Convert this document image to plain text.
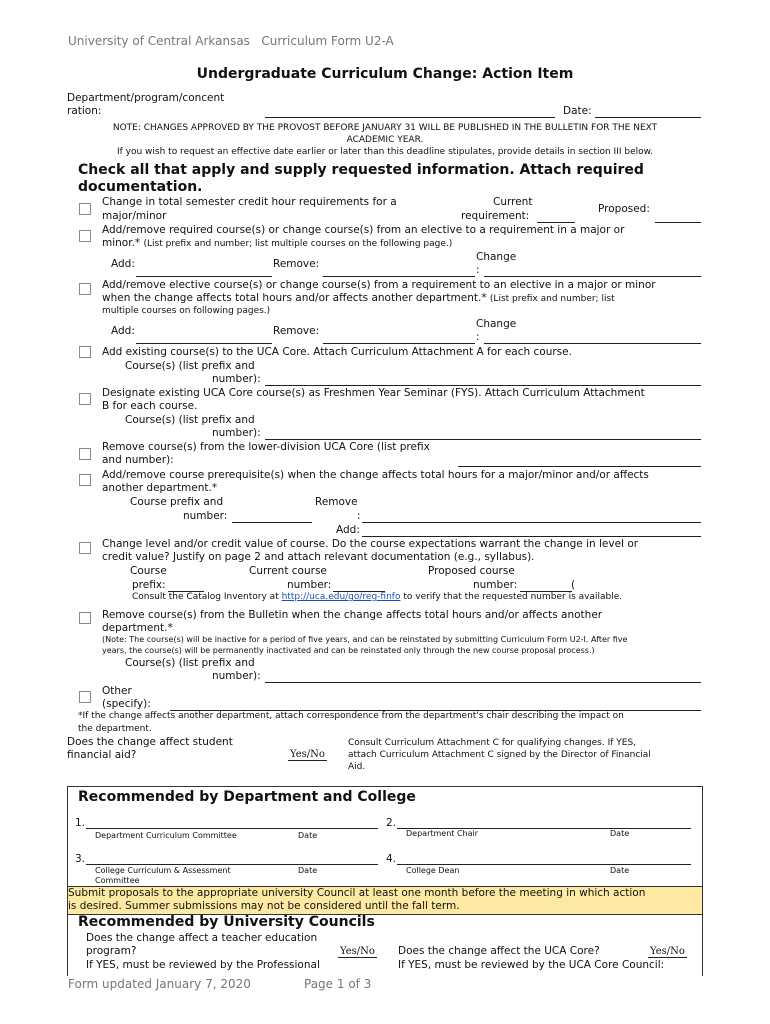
University of Central Arkansas Curriculum Form U2-A
Undergraduate Curriculum Change: Action Item
Department/program/concent
ration:	Date:
NOTE: CHANGES APPROVED BY THE PROVOST BEFORE JANUARY 31 WILL BE PUBLISHED IN THE BULLETIN FOR THE NEXT
ACADEMIC YEAR.
If you wish to request an effective date earlier or later than this deadline stipulates, provide details in section III below.
Check all that apply and supply requested information. Attach required
documentation.
Change in total semester credit hour requirements for a
major/minor
Current
requirement:
Proposed:
Add/remove required course(s) or change course(s) from an elective to a requirement in a major or
minor.* (List prefix and number; list multiple courses on the following page.)
Add:	Remove:
Change
:
Add/remove elective course(s) or change course(s) from a requirement to an elective in a major or minor
when the change affects total hours and/or affects another department.* (List prefix and number; list
multiple courses on following pages.)
Add:	Remove:
Change
:
Add existing course(s) to the UCA Core. Attach Curriculum Attachment A for each course.
Course(s) (list prefix and
number):
Designate existing UCA Core course(s) as Freshmen Year Seminar (FYS). Attach Curriculum Attachment
B for each course.
Course(s) (list prefix and
number):
Remove course(s) from the lower-division UCA Core (list prefix
and number):
Add/remove course prerequisite(s) when the change affects total hours for a major/minor and/or affects
another department.*
Course prefix and
number:
Remove
:
Add:
Change level and/or credit value of course. Do the course expectations warrant the change in level or
credit value? Justify on page 2 and attach relevant documentation (e.g., syllabus).
Course
prefix:
Current course
number:
Proposed course
number:	(
Consult the Catalog Inventory at http://uca.edu/go/reg-finfo to verify that the requested number is available.
Remove course(s) from the Bulletin when the change affects total hours and/or affects another
department.*
(Note: The course(s) will be inactive for a period of five years, and can be reinstated by submitting Curriculum Form U2-I. After five
years, the course(s) will be permanently inactivated and can be reinstated only through the new course proposal process.)
Course(s) (list prefix and
number):
Other
(specify):
*If the change affects another department, attach correspondence from the department's chair describing the impact on
the department.
Does the change affect student
financial aid?	Yes/No
Consult Curriculum Attachment C for qualifying changes. If YES,
attach Curriculum Attachment C signed by the Director of Financial
Aid.
Recommended by Department and College
1.
Department Curriculum Committee	Date
2.
Department Chair	Date
3.
College Curriculum & Assessment
Committee
Date
4.
College Dean	Date
Submit proposals to the appropriate university Council at least one month before the meeting in which action
is desired. Summer submissions may not be considered until the fall term.
Recommended by University Councils
Does the change affect a teacher education
program?	Yes/No
If YES, must be reviewed by the Professional
Does the change affect the UCA Core?	Yes/No
If YES, must be reviewed by the UCA Core Council:
Form updated January 7, 2020	Page 1 of 3
